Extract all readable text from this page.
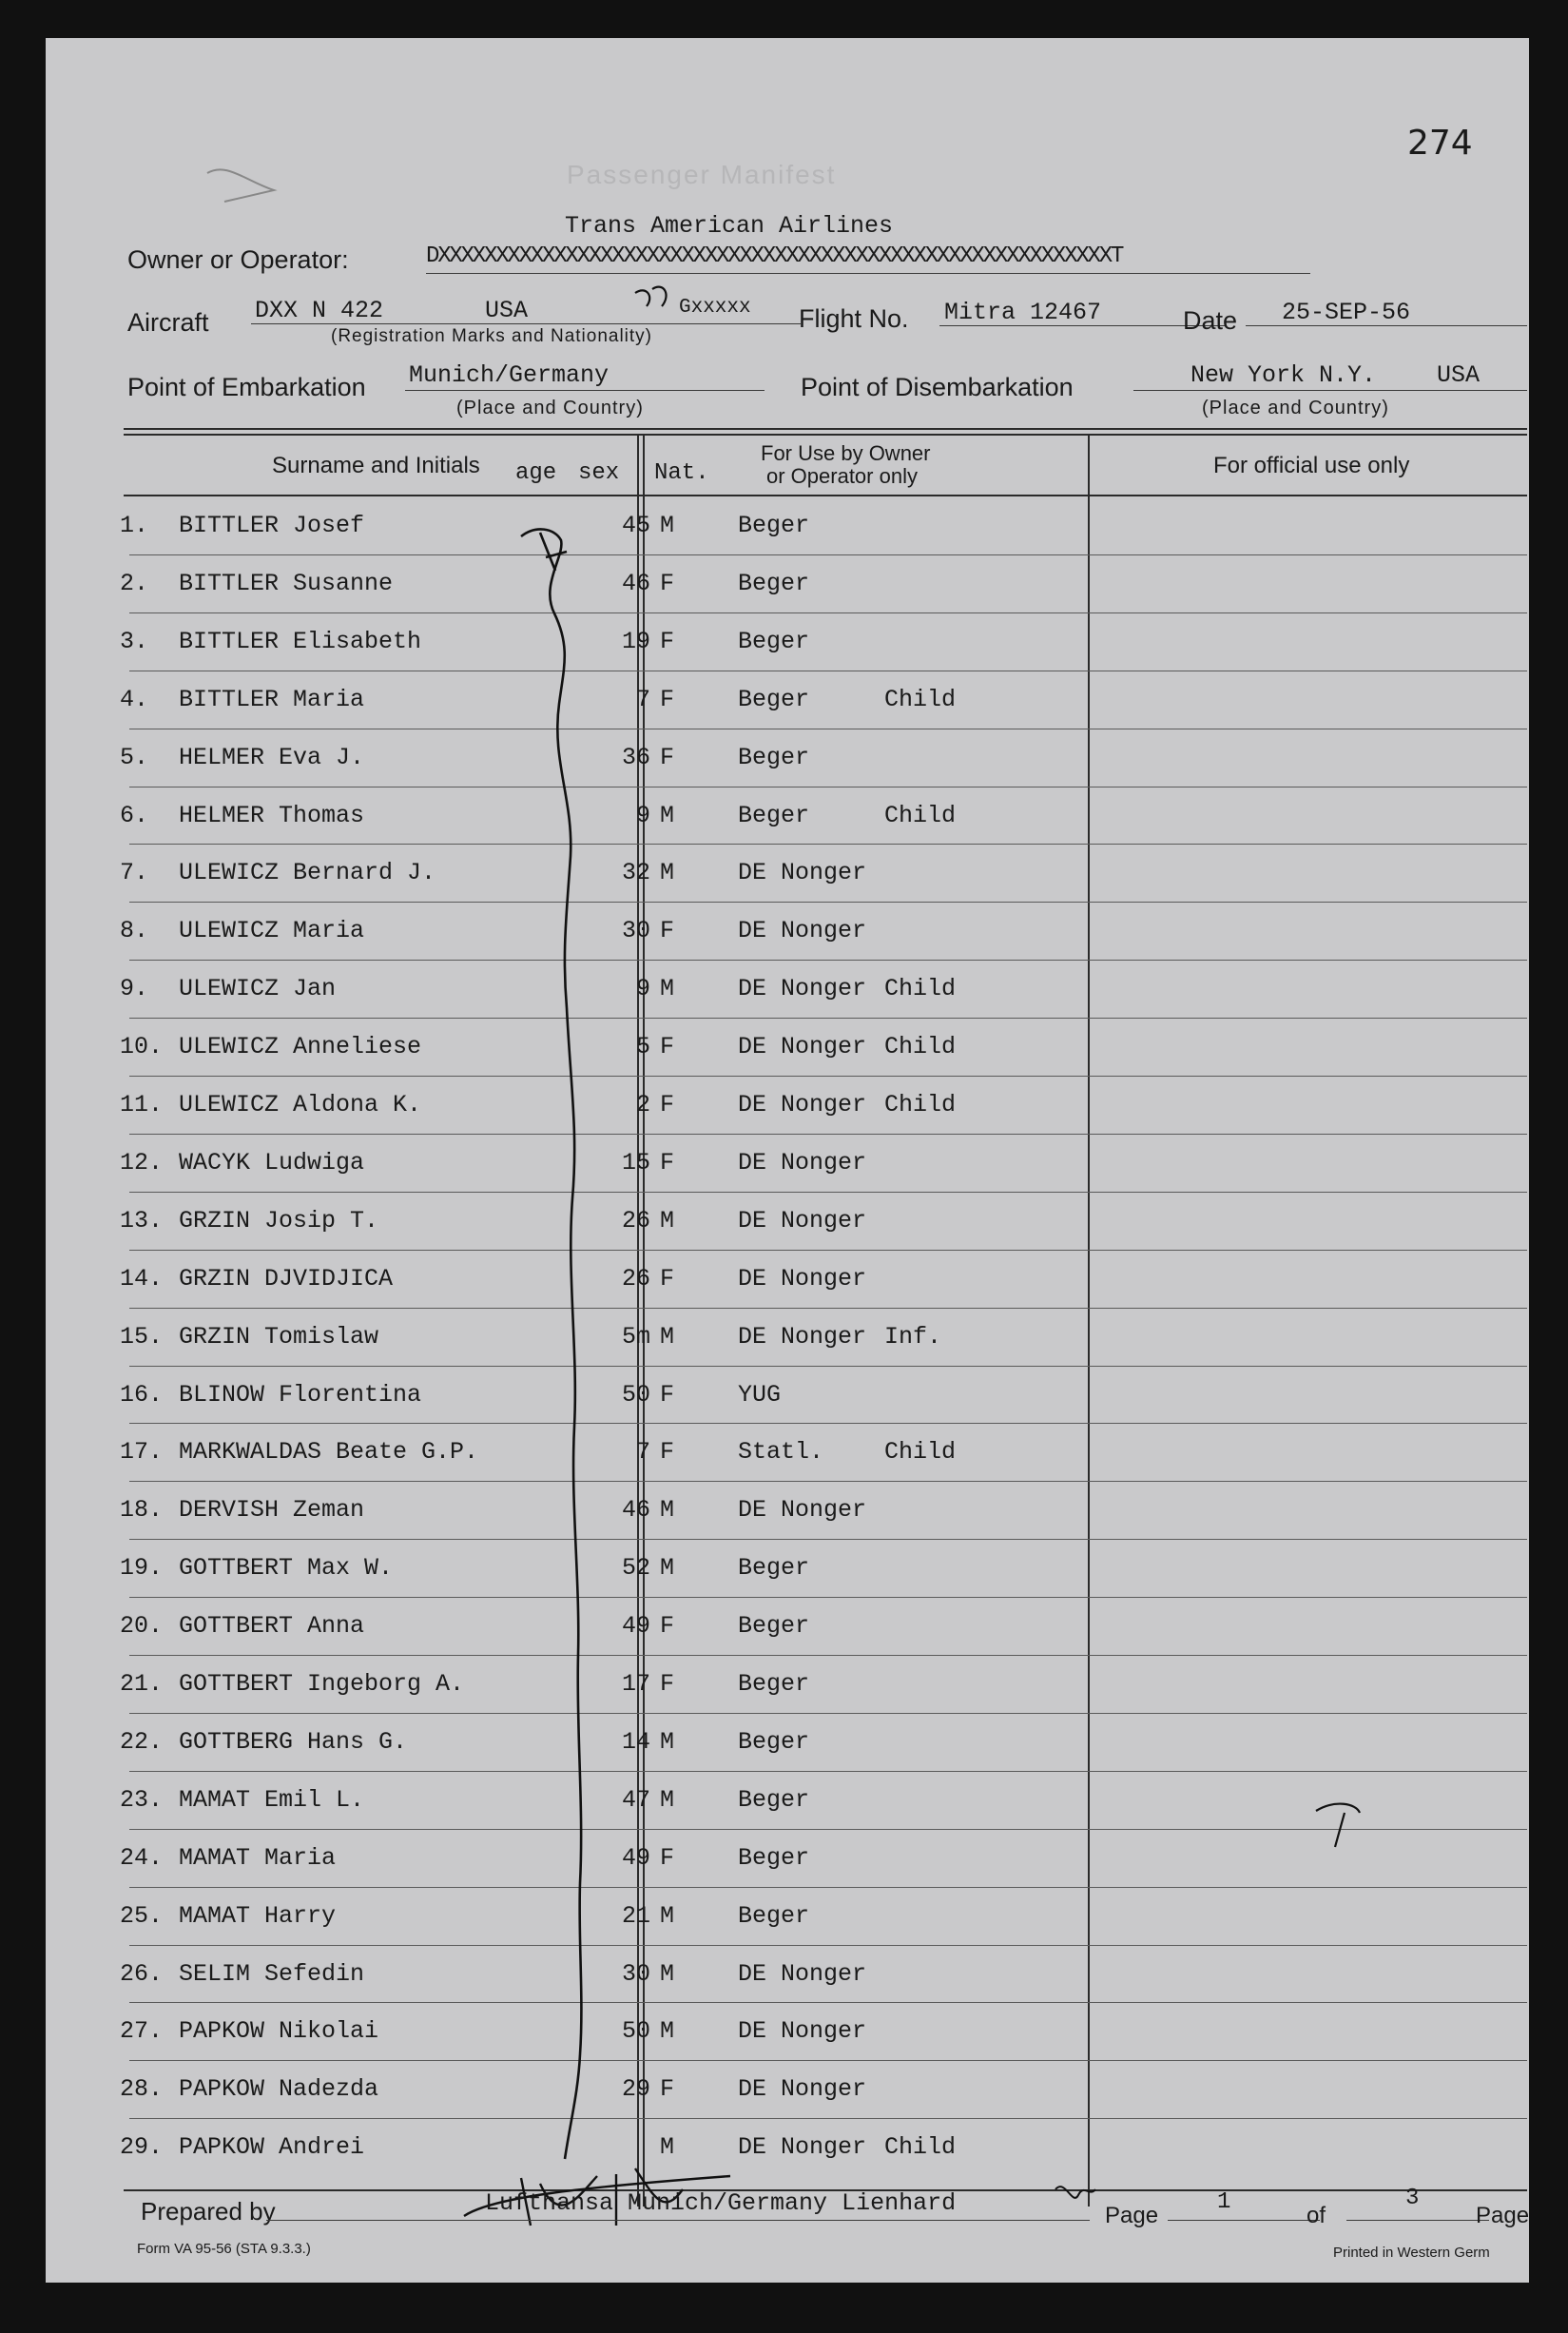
274
Passenger Manifest
Trans American Airlines
Owner or Operator:	DXXXXXXXXXXXXXXXXXXXXXXXXXXXXXXXXXXXXXXXXXXXXXXXXXXXXXXXXXXT
Aircraft DXX N 422	USA	Gxxxxx
(Registration Marks and Nationality)
Flight No. Mitra 12467	Date 25-SEP-56
Point of Embarkation Munich/Germany
(Place and Country)
Point of Disembarkation	New York N.Y.	USA
(Place and Country)
Surname and Initials age sex Nat.
For Use by Owner
or Operator only	For official use only
1.	BITTLER Josef	45 M	Beger
2.	BITTLER Susanne	46 F	Beger
3.	BITTLER Elisabeth	19 F	Beger
4.	BITTLER Maria	7 F	Beger	Child
5.	HELMER Eva J.	36 F	Beger
6.	HELMER Thomas	9 M	Beger	Child
7.	ULEWICZ Bernard J.	32 M	DE Nonger
8.	ULEWICZ Maria	30 F	DE Nonger
9.	ULEWICZ Jan	9 M	DE Nonger Child
10. ULEWICZ Anneliese	5 F	DE Nonger Child
11. ULEWICZ Aldona K.	2 F	DE Nonger Child
12. WACYK Ludwiga	15 F	DE Nonger
13. GRZIN Josip T.	26 M	DE Nonger
14. GRZIN DJVIDJICA	26 F	DE Nonger
15. GRZIN Tomislaw	5m M	DE Nonger Inf.
16. BLINOW Florentina	50 F	YUG
17. MARKWALDAS Beate G.P.	7 F	Statl.	Child
18. DERVISH Zeman	46 M	DE Nonger
19. GOTTBERT Max W.	52 M	Beger
20. GOTTBERT Anna	49 F	Beger
21. GOTTBERT Ingeborg A.	17 F	Beger
22. GOTTBERG Hans G.	14 M	Beger
23. MAMAT Emil L.	47 M	Beger
24. MAMAT Maria	49 F	Beger
25. MAMAT Harry	21 M	Beger
26. SELIM Sefedin	30 M	DE Nonger
27. PAPKOW Nikolai	50 M	DE Nonger
28. PAPKOW Nadezda	29 F	DE Nonger
29. PAPKOW Andrei	M	DE Nonger Child
Prepared by	Lufthansa Munich/Germany Lienhard	Page
1
of
3
Page
Form VA 95-56 (STA 9.3.3.)	Printed in Western Germ
